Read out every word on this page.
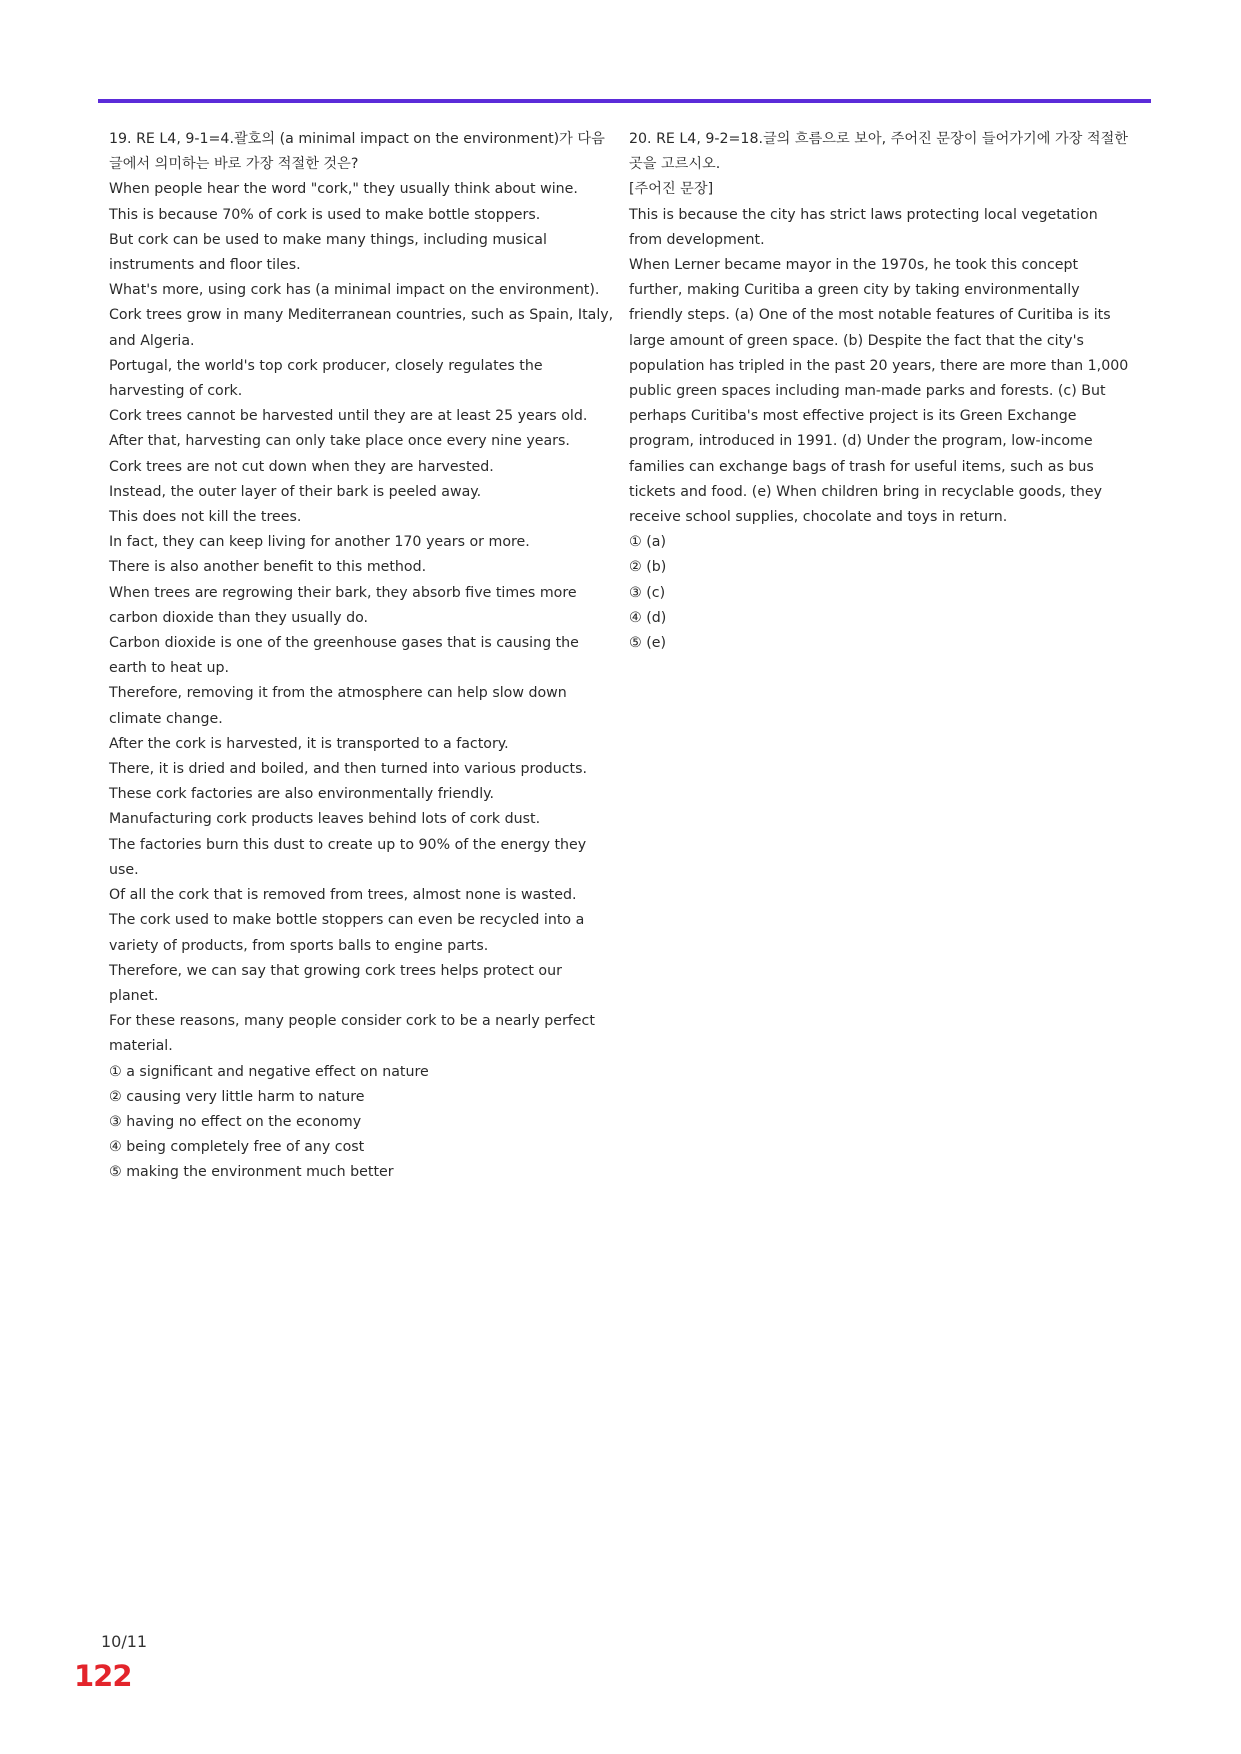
19. RE L4, 9-1=4.괄호의 (a minimal impact on the environment)가 다음 글에서 의미하는 바로 가장 적절한 것은?

When people hear the word "cork," they usually think about wine.

This is because 70% of cork is used to make bottle stoppers.

But cork can be used to make many things, including musical instruments and floor tiles.

What's more, using cork has (a minimal impact on the environment).

Cork trees grow in many Mediterranean countries, such as Spain, Italy, and Algeria.

Portugal, the world's top cork producer, closely regulates the harvesting of cork.

Cork trees cannot be harvested until they are at least 25 years old.

After that, harvesting can only take place once every nine years.

Cork trees are not cut down when they are harvested.

Instead, the outer layer of their bark is peeled away.

This does not kill the trees.

In fact, they can keep living for another 170 years or more.

There is also another benefit to this method.

When trees are regrowing their bark, they absorb five times more carbon dioxide than they usually do.

Carbon dioxide is one of the greenhouse gases that is causing the earth to heat up.

Therefore, removing it from the atmosphere can help slow down climate change.

After the cork is harvested, it is transported to a factory.

There, it is dried and boiled, and then turned into various products.

These cork factories are also environmentally friendly.

Manufacturing cork products leaves behind lots of cork dust.

The factories burn this dust to create up to 90% of the energy they use.

Of all the cork that is removed from trees, almost none is wasted.

The cork used to make bottle stoppers can even be recycled into a variety of products, from sports balls to engine parts.

Therefore, we can say that growing cork trees helps protect our planet.

For these reasons, many people consider cork to be a nearly perfect material.

① a significant and negative effect on nature

② causing very little harm to nature

③ having no effect on the economy

④ being completely free of any cost

⑤ making the environment much better

20. RE L4, 9-2=18.글의 흐름으로 보아, 주어진 문장이 들어가기에 가장 적절한 곳을 고르시오.

[주어진 문장]

This is because the city has strict laws protecting local vegetation from development.

When Lerner became mayor in the 1970s, he took this concept further, making Curitiba a green city by taking environmentally friendly steps. (a) One of the most notable features of Curitiba is its large amount of green space. (b) Despite the fact that the city's population has tripled in the past 20 years, there are more than 1,000 public green spaces including man-made parks and forests. (c) But perhaps Curitiba's most effective project is its Green Exchange program, introduced in 1991. (d) Under the program, low-income families can exchange bags of trash for useful items, such as bus tickets and food. (e) When children bring in recyclable goods, they receive school supplies, chocolate and toys in return.

① (a)

② (b)

③ (c)

④ (d)

⑤ (e)

10/11
122
